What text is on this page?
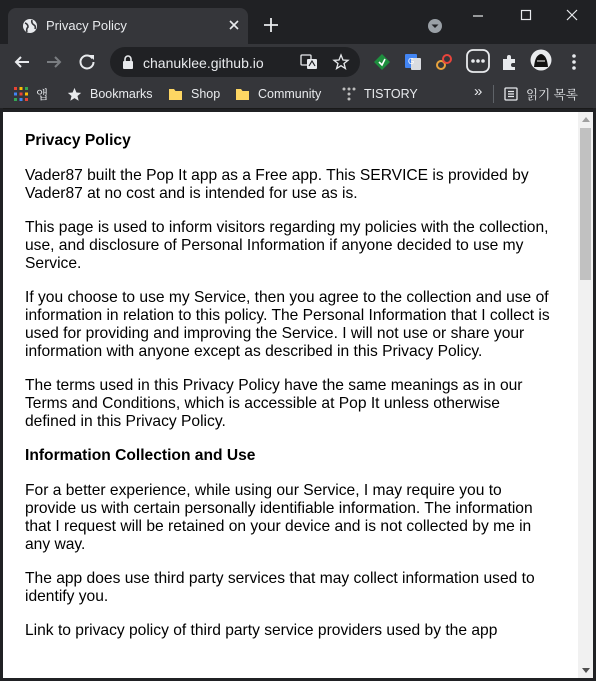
Privacy Policy
chanuklee.github.io	G
앱	Bookmarks	Shop	Community	TISTORY	»	읽기 목록
Privacy Policy

Vader87 built the Pop It app as a Free app. This SERVICE is provided by Vader87 at no cost and is intended for use as is.

This page is used to inform visitors regarding my policies with the collection, use, and disclosure of Personal Information if anyone decided to use my Service.

If you choose to use my Service, then you agree to the collection and use of information in relation to this policy. The Personal Information that I collect is used for providing and improving the Service. I will not use or share your information with anyone except as described in this Privacy Policy.

The terms used in this Privacy Policy have the same meanings as in our Terms and Conditions, which is accessible at Pop It unless otherwise defined in this Privacy Policy.

Information Collection and Use

For a better experience, while using our Service, I may require you to provide us with certain personally identifiable information. The information that I request will be retained on your device and is not collected by me in any way.

The app does use third party services that may collect information used to identify you.

Link to privacy policy of third party service providers used by the app
